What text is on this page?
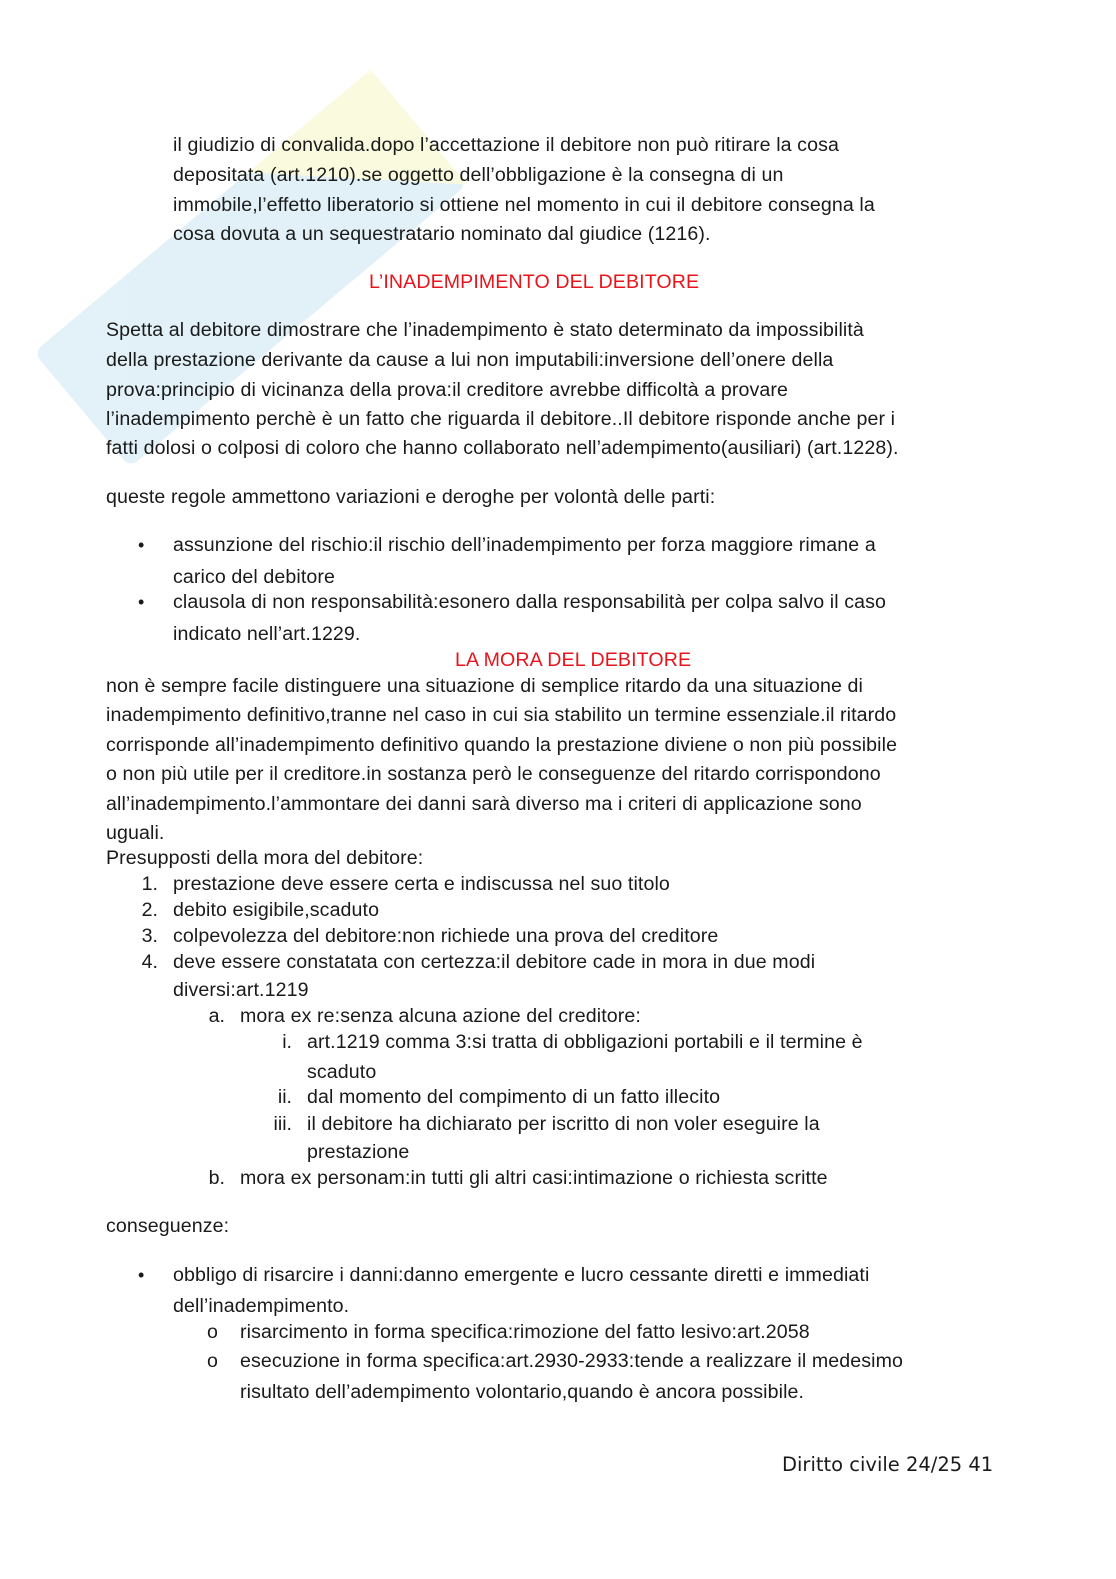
il giudizio di convalida.dopo l’accettazione il debitore non può ritirare la cosa
depositata (art.1210).se oggetto dell’obbligazione è la consegna di un
immobile,l’effetto liberatorio si ottiene nel momento in cui il debitore consegna la
cosa dovuta a un sequestratario nominato dal giudice (1216).
L’INADEMPIMENTO DEL DEBITORE
Spetta al debitore dimostrare che l’inadempimento è stato determinato da impossibilità
della prestazione derivante da cause a lui non imputabili:inversione dell’onere della
prova:principio di vicinanza della prova:il creditore avrebbe difficoltà a provare
l’inadempimento perchè è un fatto che riguarda il debitore..Il debitore risponde anche per i
fatti dolosi o colposi di coloro che hanno collaborato nell’adempimento(ausiliari) (art.1228).
queste regole ammettono variazioni e deroghe per volontà delle parti:
• assunzione del rischio:il rischio dell’inadempimento per forza maggiore rimane a
carico del debitore
• clausola di non responsabilità:esonero dalla responsabilità per colpa salvo il caso
indicato nell’art.1229.
LA MORA DEL DEBITORE
non è sempre facile distinguere una situazione di semplice ritardo da una situazione di
inadempimento definitivo,tranne nel caso in cui sia stabilito un termine essenziale.il ritardo
corrisponde all’inadempimento definitivo quando la prestazione diviene o non più possibile
o non più utile per il creditore.in sostanza però le conseguenze del ritardo corrispondono
all’inadempimento.l’ammontare dei danni sarà diverso ma i criteri di applicazione sono
uguali.
Presupposti della mora del debitore:
1. prestazione deve essere certa e indiscussa nel suo titolo
2. debito esigibile,scaduto
3. colpevolezza del debitore:non richiede una prova del creditore
4. deve essere constatata con certezza:il debitore cade in mora in due modi
diversi:art.1219
a. mora ex re:senza alcuna azione del creditore:
i. art.1219 comma 3:si tratta di obbligazioni portabili e il termine è
scaduto
ii. dal momento del compimento di un fatto illecito
iii. il debitore ha dichiarato per iscritto di non voler eseguire la
prestazione
b. mora ex personam:in tutti gli altri casi:intimazione o richiesta scritte
conseguenze:
• obbligo di risarcire i danni:danno emergente e lucro cessante diretti e immediati
dell’inadempimento.
o risarcimento in forma specifica:rimozione del fatto lesivo:art.2058
o esecuzione in forma specifica:art.2930-2933:tende a realizzare il medesimo
risultato dell’adempimento volontario,quando è ancora possibile.
Diritto civile 24/25 41
